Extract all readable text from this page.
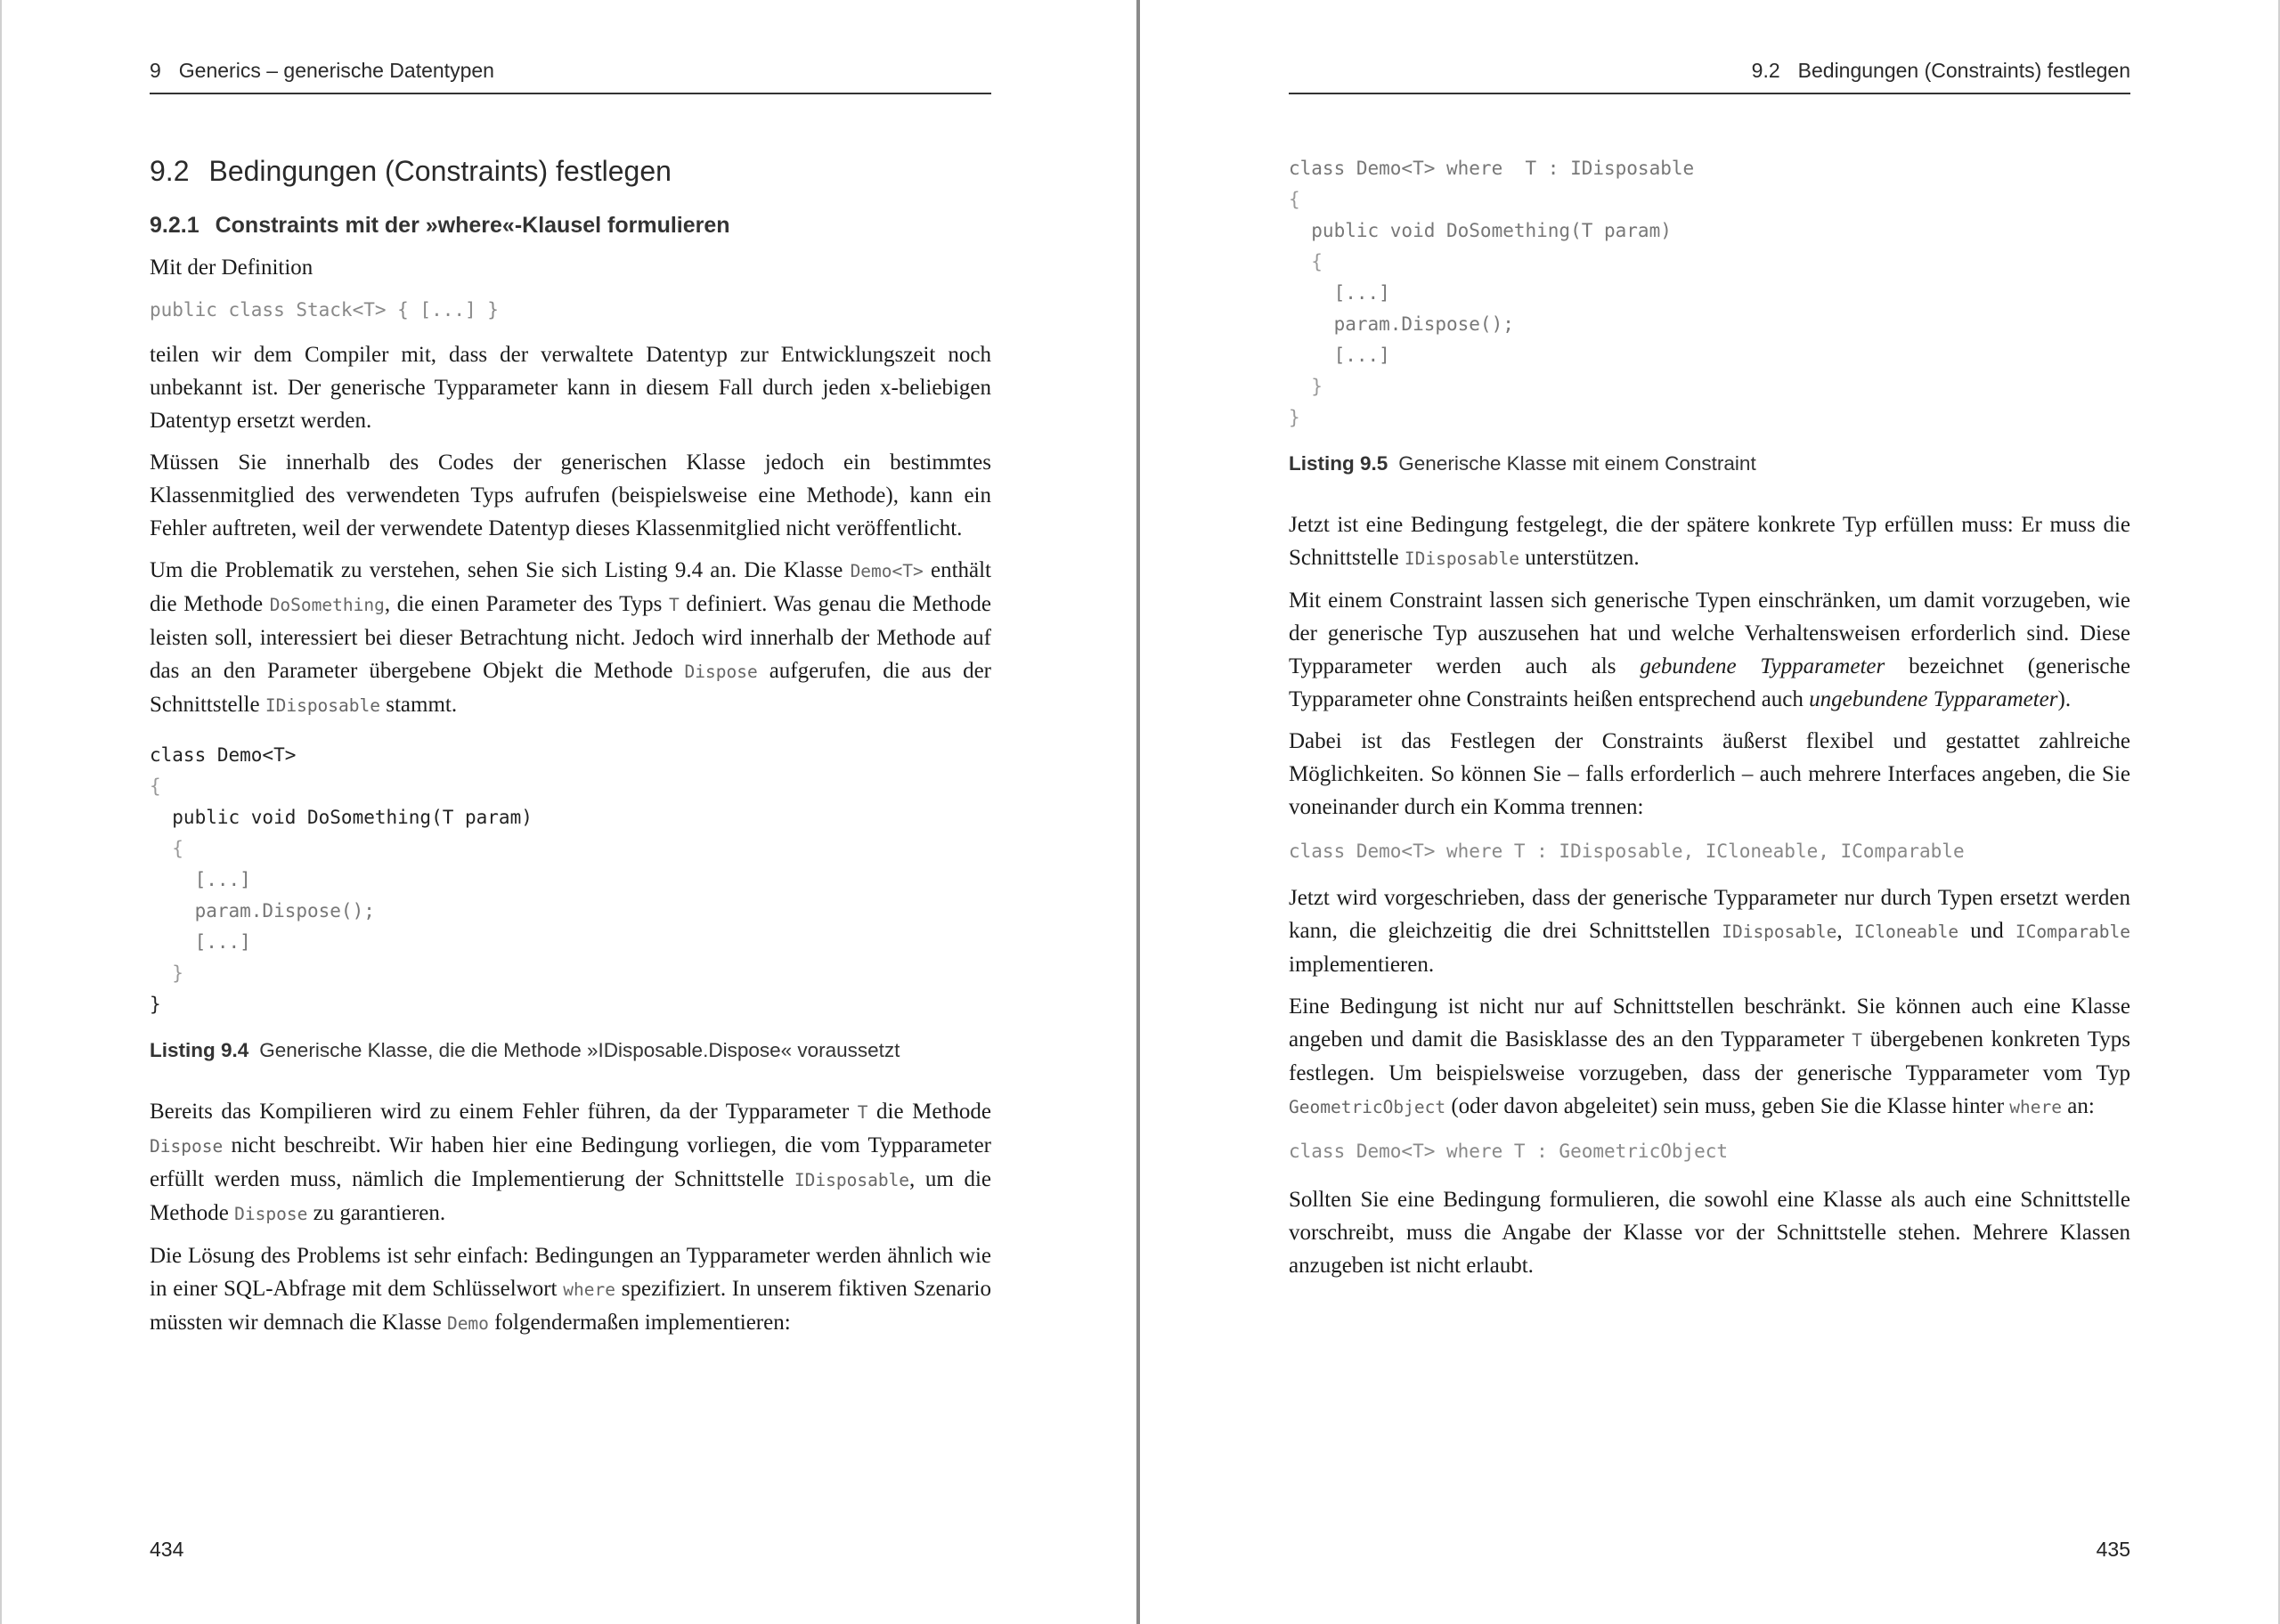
9 Generics – generische Datentypen
9.2 Bedingungen (Constraints) festlegen
9.2.1 Constraints mit der »where«-Klausel formulieren

Mit der Definition

public class Stack<T> { [...] }

teilen wir dem Compiler mit, dass der verwaltete Datentyp zur Entwicklungszeit noch unbekannt ist. Der generische Typparameter kann in diesem Fall durch jeden x-beliebigen Datentyp ersetzt werden.

Müssen Sie innerhalb des Codes der generischen Klasse jedoch ein bestimmtes Klassenmitglied des verwendeten Typs aufrufen (beispielsweise eine Methode), kann ein Fehler auftreten, weil der verwendete Datentyp dieses Klassenmitglied nicht veröffentlicht.

Um die Problematik zu verstehen, sehen Sie sich Listing 9.4 an. Die Klasse Demo<T> enthält die Methode DoSomething, die einen Parameter des Typs T definiert. Was genau die Methode leisten soll, interessiert bei dieser Betrachtung nicht. Jedoch wird innerhalb der Methode auf das an den Parameter übergebene Objekt die Methode Dispose aufgerufen, die aus der Schnittstelle IDisposable stammt.

class Demo<T>
{
public void DoSomething(T param)
{
[...]
param.Dispose();
[...]
}
}
Listing 9.4 Generische Klasse, die die Methode »IDisposable.Dispose« voraussetzt

Bereits das Kompilieren wird zu einem Fehler führen, da der Typparameter T die Methode Dispose nicht beschreibt. Wir haben hier eine Bedingung vorliegen, die vom Typparameter erfüllt werden muss, nämlich die Implementierung der Schnittstelle IDisposable, um die Methode Dispose zu garantieren.

Die Lösung des Problems ist sehr einfach: Bedingungen an Typparameter werden ähnlich wie in einer SQL-Abfrage mit dem Schlüsselwort where spezifiziert. In unserem fiktiven Szenario müssten wir demnach die Klasse Demo folgendermaßen implementieren:

434
9.2 Bedingungen (Constraints) festlegen
class Demo<T> where  T : IDisposable
{
public void DoSomething(T param)
{
[...]
param.Dispose();
[...]
}
}
Listing 9.5 Generische Klasse mit einem Constraint

Jetzt ist eine Bedingung festgelegt, die der spätere konkrete Typ erfüllen muss: Er muss die Schnittstelle IDisposable unterstützen.

Mit einem Constraint lassen sich generische Typen einschränken, um damit vorzugeben, wie der generische Typ auszusehen hat und welche Verhaltensweisen erforderlich sind. Diese Typparameter werden auch als gebundene Typparameter bezeichnet (generische Typparameter ohne Constraints heißen entsprechend auch ungebundene Typparameter).

Dabei ist das Festlegen der Constraints äußerst flexibel und gestattet zahlreiche Möglichkeiten. So können Sie – falls erforderlich – auch mehrere Interfaces angeben, die Sie voneinander durch ein Komma trennen:

class Demo<T> where T : IDisposable, ICloneable, IComparable

Jetzt wird vorgeschrieben, dass der generische Typparameter nur durch Typen ersetzt werden kann, die gleichzeitig die drei Schnittstellen IDisposable, ICloneable und IComparable implementieren.

Eine Bedingung ist nicht nur auf Schnittstellen beschränkt. Sie können auch eine Klasse angeben und damit die Basisklasse des an den Typparameter T übergebenen konkreten Typs festlegen. Um beispielsweise vorzugeben, dass der generische Typparameter vom Typ GeometricObject (oder davon abgeleitet) sein muss, geben Sie die Klasse hinter where an:

class Demo<T> where T : GeometricObject

Sollten Sie eine Bedingung formulieren, die sowohl eine Klasse als auch eine Schnittstelle vorschreibt, muss die Angabe der Klasse vor der Schnittstelle stehen. Mehrere Klassen anzugeben ist nicht erlaubt.

435
